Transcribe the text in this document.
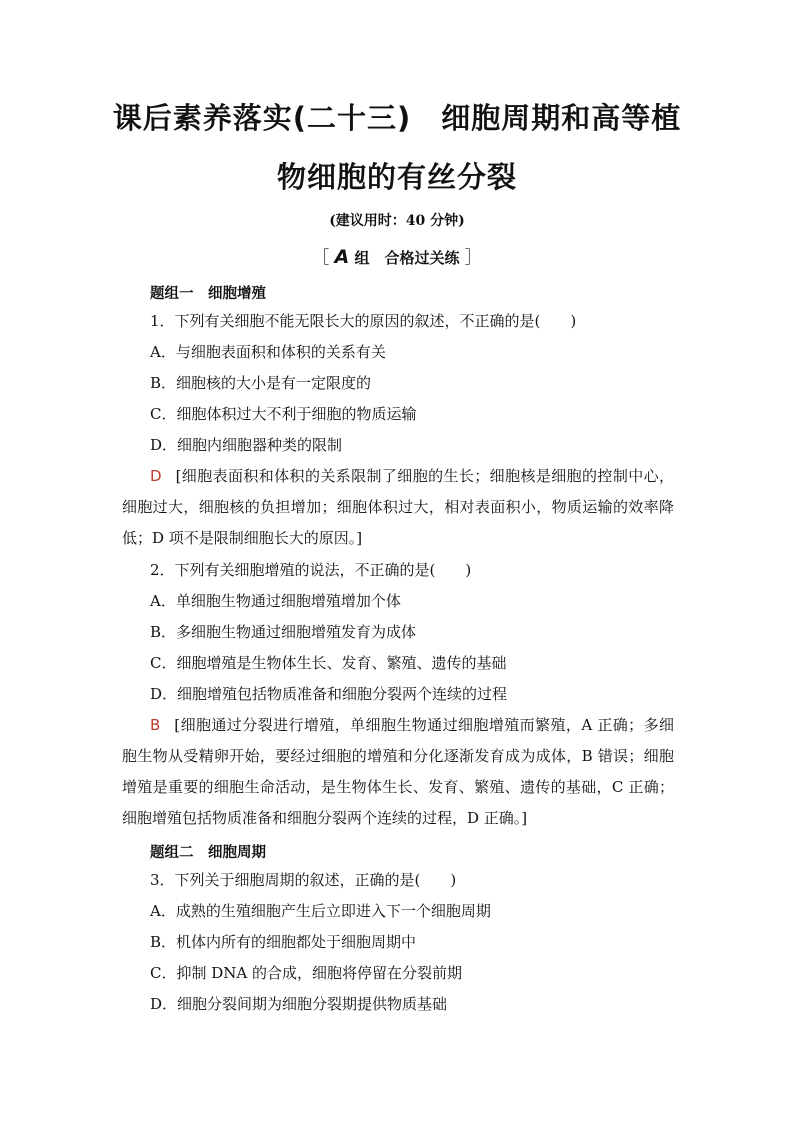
课后素养落实(二十三)　细胞周期和高等植
物细胞的有丝分裂
(建议用时：40 分钟)
［ A 组　合格过关练 ］
题组一　细胞增殖
1．下列有关细胞不能无限长大的原因的叙述，不正确的是(　　)
A．与细胞表面积和体积的关系有关
B．细胞核的大小是有一定限度的
C．细胞体积过大不利于细胞的物质运输
D．细胞内细胞器种类的限制
D [细胞表面积和体积的关系限制了细胞的生长；细胞核是细胞的控制中心，细胞过大，细胞核的负担增加；细胞体积过大，相对表面积小，物质运输的效率降低；D 项不是限制细胞长大的原因。]
2．下列有关细胞增殖的说法，不正确的是(　　)
A．单细胞生物通过细胞增殖增加个体
B．多细胞生物通过细胞增殖发育为成体
C．细胞增殖是生物体生长、发育、繁殖、遗传的基础
D．细胞增殖包括物质准备和细胞分裂两个连续的过程
B [细胞通过分裂进行增殖，单细胞生物通过细胞增殖而繁殖，A 正确；多细胞生物从受精卵开始，要经过细胞的增殖和分化逐渐发育成为成体，B 错误；细胞增殖是重要的细胞生命活动，是生物体生长、发育、繁殖、遗传的基础，C 正确；细胞增殖包括物质准备和细胞分裂两个连续的过程，D 正确。]
题组二　细胞周期
3．下列关于细胞周期的叙述，正确的是(　　)
A．成熟的生殖细胞产生后立即进入下一个细胞周期
B．机体内所有的细胞都处于细胞周期中
C．抑制 DNA 的合成，细胞将停留在分裂前期
D．细胞分裂间期为细胞分裂期提供物质基础
